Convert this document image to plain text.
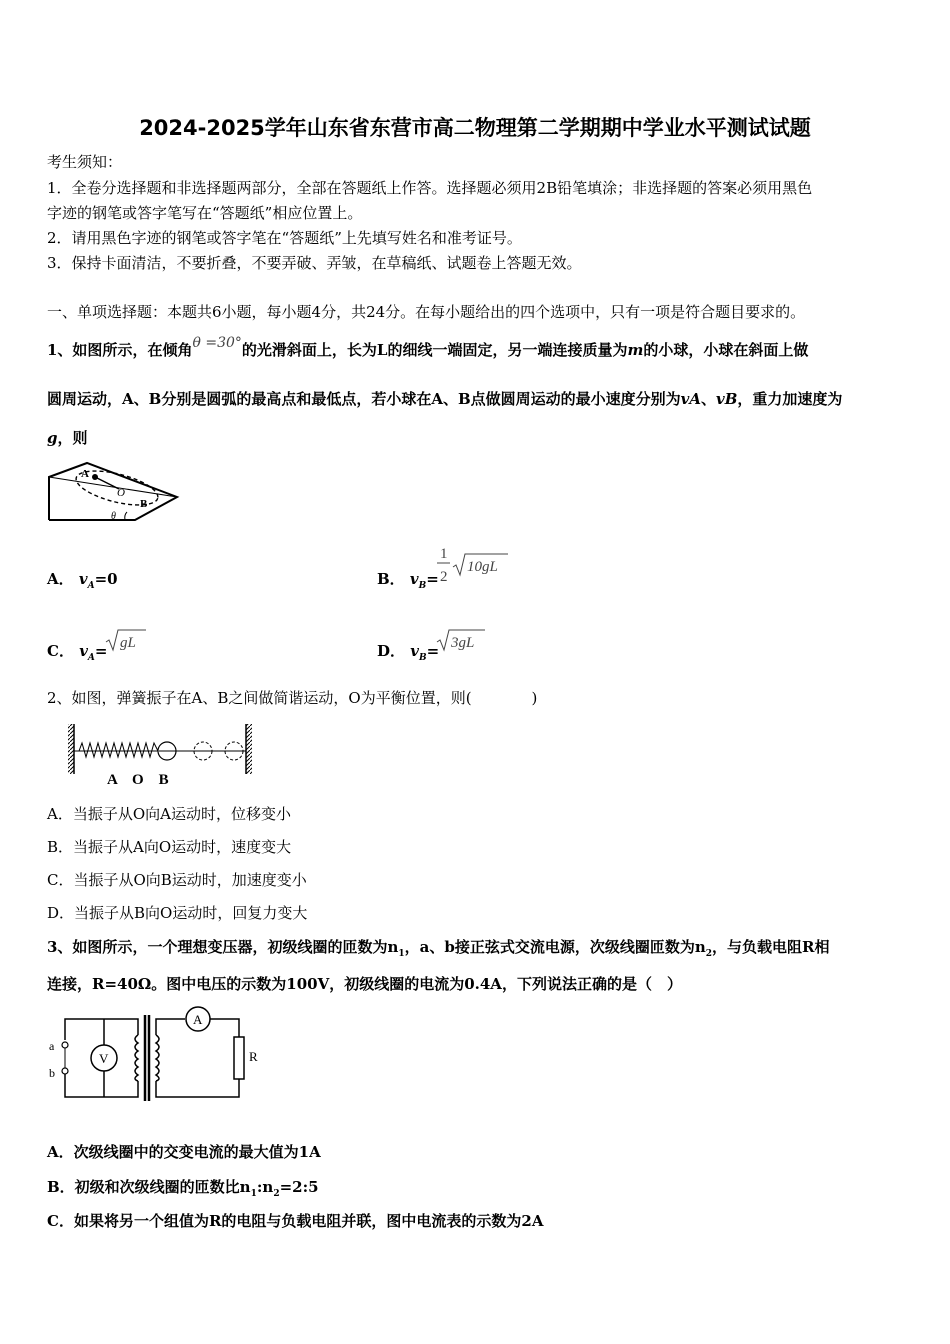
2024-2025学年山东省东营市高二物理第二学期期中学业水平测试试题
考生须知：
1．全卷分选择题和非选择题两部分，全部在答题纸上作答。选择题必须用2B铅笔填涂；非选择题的答案必须用黑色
字迹的钢笔或答字笔写在“答题纸”相应位置上。
2．请用黑色字迹的钢笔或答字笔在“答题纸”上先填写姓名和准考证号。
3．保持卡面清洁，不要折叠，不要弄破、弄皱，在草稿纸、试题卷上答题无效。
一、单项选择题：本题共6小题，每小题4分，共24分。在每小题给出的四个选项中，只有一项是符合题目要求的。
1、如图所示，在倾角θ =30°的光滑斜面上，长为L的细线一端固定，另一端连接质量为m的小球，小球在斜面上做
圆周运动，A、B分别是圆弧的最高点和最低点，若小球在A、B点做圆周运动的最小速度分别为vA、vB，重力加速度为
g，则
A
O
B
θ
A． $v_A=0$	B． $v_B=$
1
2
10gL
C． $v_A=$ gL	D． $v_B= 3gL$
2、如图，弹簧振子在A、B之间做简谐运动，O为平衡位置，则(　　　　)
A　O　B
A．当振子从O向A运动时，位移变小
B．当振子从A向O运动时，速度变大
C．当振子从O向B运动时，加速度变小
D．当振子从B向O运动时，回复力变大
3、如图所示，一个理想变压器，初级线圈的匝数为$n_1$，a、b接正弦式交流电源，次级线圈匝数为$n_2$，与负载电阻R相
连接，R=40Ω。图中电压的示数为100V，初级线圈的电流为0.4A，下列说法正确的是（　）
a
b
V
A
R
A．次级线圈中的交变电流的最大值为1A
B．初级和次级线圈的匝数比$n_1:n_2=2:5$
C．如果将另一个组值为R的电阻与负载电阻并联，图中电流表的示数为2A
